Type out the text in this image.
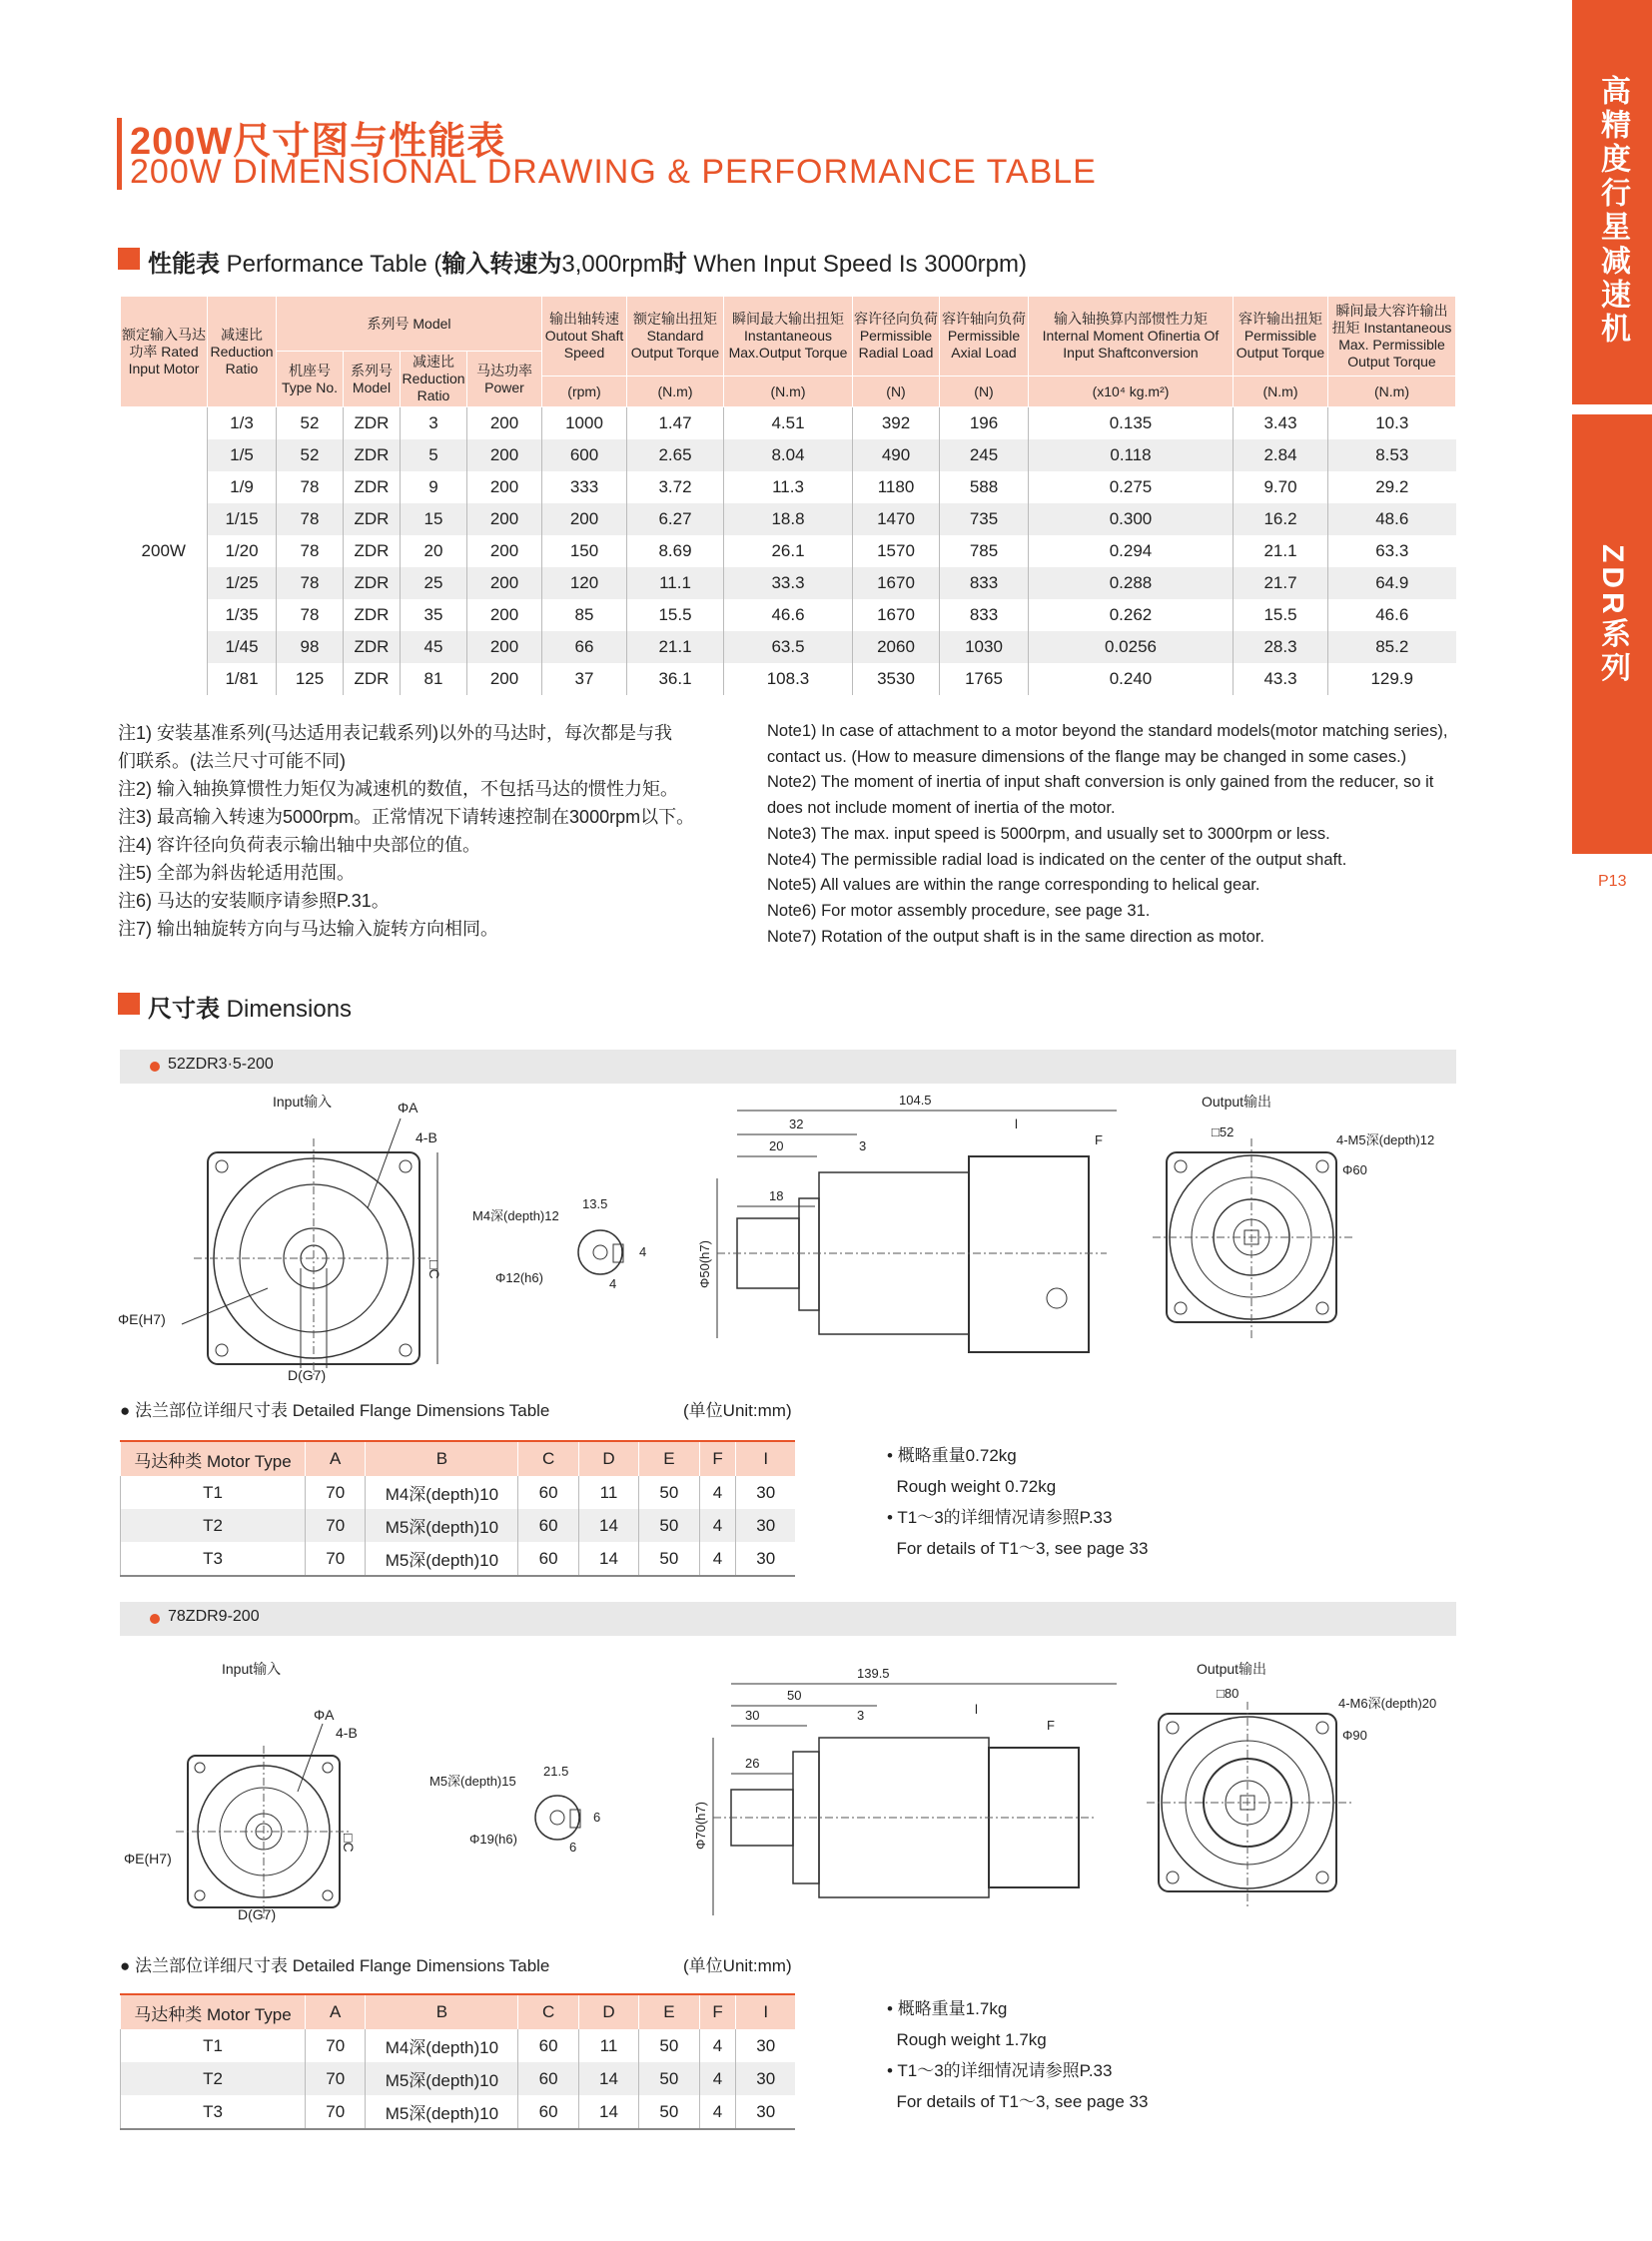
200W尺寸图与性能表
200W DIMENSIONAL DRAWING & PERFORMANCE TABLE	高精度行星减速机
ZDR系列
P13
性能表 Performance Table (输入转速为3,000rpm时 When Input Speed Is 3000rpm)
额定输入马达功率 Rated Input Motor	减速比 Reduction Ratio	系列号 Model				输出轴转速 Outout Shaft Speed	额定输出扭矩 Standard Output Torque	瞬间最大输出扭矩 Instantaneous Max.Output Torque	容许径向负荷 Permissible Radial Load	容许轴向负荷 Permissible Axial Load	输入轴换算内部惯性力矩 Internal Moment Ofinertia Of Input Shaftconversion	容许输出扭矩 Permissible Output Torque	瞬间最大容许输出扭矩 Instantaneous Max. Permissible Output Torque
		机座号 Type No.	系列号 Model	减速比 Reduction Ratio	马达功率 Power								
						(rpm)	(N.m)	(N.m)	(N)	(N)	(x10⁴ kg.m²)	(N.m)	(N.m)
200W	1/3	52	ZDR	3	200	1000	1.47	4.51	392	196	0.135	3.43	10.3
	1/5	52	ZDR	5	200	600	2.65	8.04	490	245	0.118	2.84	8.53
	1/9	78	ZDR	9	200	333	3.72	11.3	1180	588	0.275	9.70	29.2
	1/15	78	ZDR	15	200	200	6.27	18.8	1470	735	0.300	16.2	48.6
	1/20	78	ZDR	20	200	150	8.69	26.1	1570	785	0.294	21.1	63.3
	1/25	78	ZDR	25	200	120	11.1	33.3	1670	833	0.288	21.7	64.9
	1/35	78	ZDR	35	200	85	15.5	46.6	1670	833	0.262	15.5	46.6
	1/45	98	ZDR	45	200	66	21.1	63.5	2060	1030	0.0256	28.3	85.2
	1/81	125	ZDR	81	200	37	36.1	108.3	3530	1765	0.240	43.3	129.9
注1) 安装基准系列(马达适用表记载系列)以外的马达时，每次都是与我
们联系。(法兰尺寸可能不同)
注2) 输入轴换算惯性力矩仅为减速机的数值，不包括马达的惯性力矩。
注3) 最高输入转速为5000rpm。正常情况下请转速控制在3000rpm以下。
注4) 容许径向负荷表示输出轴中央部位的值。
注5) 全部为斜齿轮适用范围。
注6) 马达的安装顺序请参照P.31。
注7) 输出轴旋转方向与马达输入旋转方向相同。
Note1) In case of attachment to a motor beyond the standard models(motor matching series),
contact us. (How to measure dimensions of the flange may be changed in some cases.)
Note2) The moment of inertia of input shaft conversion is only gained from the reducer, so it
does not include moment of inertia of the motor.
Note3) The max. input speed is 5000rpm, and usually set to 3000rpm or less.
Note4) The permissible radial load is indicated on the center of the output shaft.
Note5) All values are within the range corresponding to helical gear.
Note6) For motor assembly procedure, see page 31.
Note7) Rotation of the output shaft is in the same direction as motor.
尺寸表 Dimensions
52ZDR3·5-200
Input输入	ΦA
4-B
□C
ΦE(H7)
D(G7)
M4深(depth)12
13.5
4
4
Φ12(h6)
104.5
32
20	3
l
F
18
Φ50(h7)
Output输出
□52
4-M5深(depth)12
Φ60
● 法兰部位详细尺寸表 Detailed Flange Dimensions Table	(单位Unit:mm)
马达种类 Motor Type	A	B	C	D	E	F	I
T1	70	M4深(depth)10	60	11	50	4	30
T2	70	M5深(depth)10	60	14	50	4	30
T3	70	M5深(depth)10	60	14	50	4	30
• 概略重量0.72kg
Rough weight 0.72kg
• T1～3的详细情况请参照P.33
For details of T1～3, see page 33
78ZDR9-200
Input输入
ΦA
4-B
□C
ΦE(H7)
D(G7)
M5深(depth)15
21.5
6
6
Φ19(h6)
139.5
50
30	3	l
F
26
Φ70(h7)
Output输出
□80
4-M6深(depth)20
Φ90
● 法兰部位详细尺寸表 Detailed Flange Dimensions Table	(单位Unit:mm)
马达种类 Motor Type	A	B	C	D	E	F	I
T1	70	M4深(depth)10	60	11	50	4	30
T2	70	M5深(depth)10	60	14	50	4	30
T3	70	M5深(depth)10	60	14	50	4	30
• 概略重量1.7kg
Rough weight 1.7kg
• T1～3的详细情况请参照P.33
For details of T1～3, see page 33
